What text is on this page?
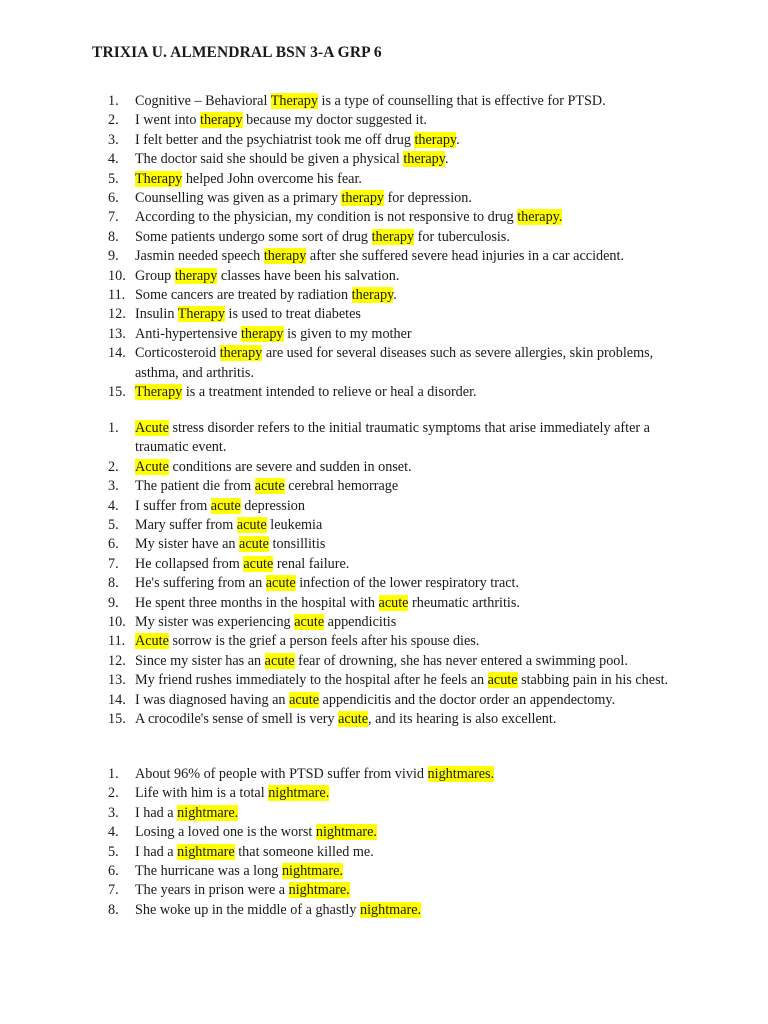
TRIXIA U. ALMENDRAL BSN 3-A GRP 6
1.	Cognitive – Behavioral Therapy is a type of counselling that is effective for PTSD.
2.	I went into therapy because my doctor suggested it.
3.	I felt better and the psychiatrist took me off drug therapy.
4.	The doctor said she should be given a physical therapy.
5.	Therapy helped John overcome his fear.
6.	Counselling was given as a primary therapy for depression.
7.	According to the physician, my condition is not responsive to drug therapy.
8.	Some patients undergo some sort of drug therapy for tuberculosis.
9.	Jasmin needed speech therapy after she suffered severe head injuries in a car accident.
10. Group therapy classes have been his salvation.
11. Some cancers are treated by radiation therapy.
12. Insulin Therapy is used to treat diabetes
13. Anti-hypertensive therapy is given to my mother
14. Corticosteroid therapy are used for several diseases such as severe allergies, skin problems, asthma, and arthritis.
15. Therapy is a treatment intended to relieve or heal a disorder.
1.	Acute stress disorder refers to the initial traumatic symptoms that arise immediately after a traumatic event.
2.	Acute conditions are severe and sudden in onset.
3.	The patient die from acute cerebral hemorrage
4.	I suffer from acute depression
5.	Mary suffer from acute leukemia
6.	My sister have an acute tonsillitis
7.	He collapsed from acute renal failure.
8.	He's suffering from an acute infection of the lower respiratory tract.
9.	He spent three months in the hospital with acute rheumatic arthritis.
10. My sister was experiencing acute appendicitis
11. Acute sorrow is the grief a person feels after his spouse dies.
12. Since my sister has an acute fear of drowning, she has never entered a swimming pool.
13. My friend rushes immediately to the hospital after he feels an acute stabbing pain in his chest.
14. I was diagnosed having an acute appendicitis and the doctor order an appendectomy.
15. A crocodile's sense of smell is very acute, and its hearing is also excellent.
1.	About 96% of people with PTSD suffer from vivid nightmares.
2.	Life with him is a total nightmare.
3.	I had a nightmare.
4.	Losing a loved one is the worst nightmare.
5.	I had a nightmare that someone killed me.
6.	The hurricane was a long nightmare.
7.	The years in prison were a nightmare.
8.	She woke up in the middle of a ghastly nightmare.
